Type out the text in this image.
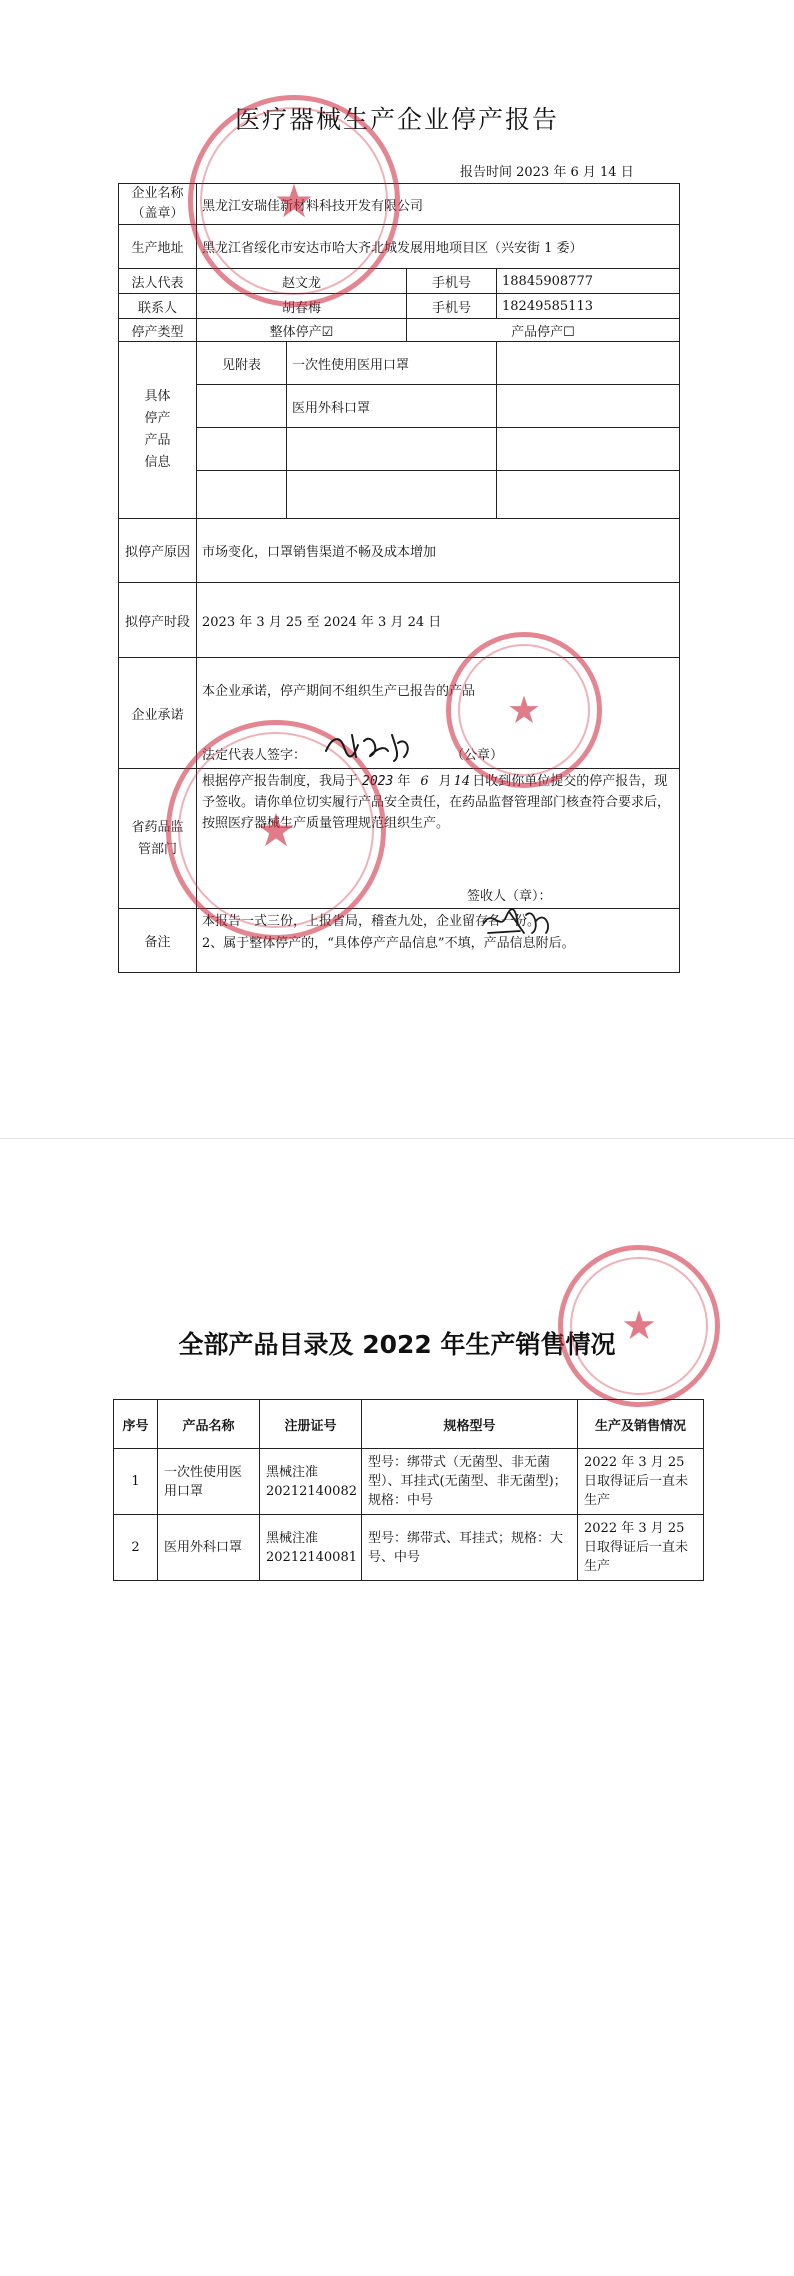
医疗器械生产企业停产报告
报告时间 2023 年 6 月 14 日
企业名称（盖章）	黑龙江安瑞佳新材料科技开发有限公司			
生产地址	黑龙江省绥化市安达市哈大齐北城发展用地项目区（兴安街 1 委）			
法人代表	赵文龙		手机号	18845908777
联系人	胡春梅		手机号	18249585113
停产类型	整体停产☑		产品停产☐	
具体停产产品信息	见附表	一次性使用医用口罩		
		医用外科口罩		

拟停产原因	市场变化，口罩销售渠道不畅及成本增加			
拟停产时段	2023 年 3 月 25 至 2024 年 3 月 24 日			
企业承诺	本企业承诺，停产期间不组织生产已报告的产品
法定代表人签字： （公章）			

省药品监管部门	根据停产报告制度，我局于 2023 年 6 月 14 日收到你单位提交的停产报告，现予签收。请你单位切实履行产品安全责任，在药品监督管理部门核查符合要求后，按照医疗器械生产质量管理规范组织生产。
签收人（章）：			

备注	本报告一式三份，上报省局，稽查九处，企业留存各一份。
2、属于整体停产的，“具体停产产品信息”不填，产品信息附后。			
★
★
★
全部产品目录及 2022 年生产销售情况 ★
序号	产品名称	注册证号	规格型号	生产及销售情况
1	一次性使用医用口罩	黑械注准20212140082	型号：绑带式（无菌型、非无菌型）、耳挂式(无菌型、非无菌型)；规格：中号	2022 年 3 月 25 日取得证后一直未生产
2	医用外科口罩	黑械注准20212140081	型号：绑带式、耳挂式；规格：大号、中号	2022 年 3 月 25 日取得证后一直未生产
